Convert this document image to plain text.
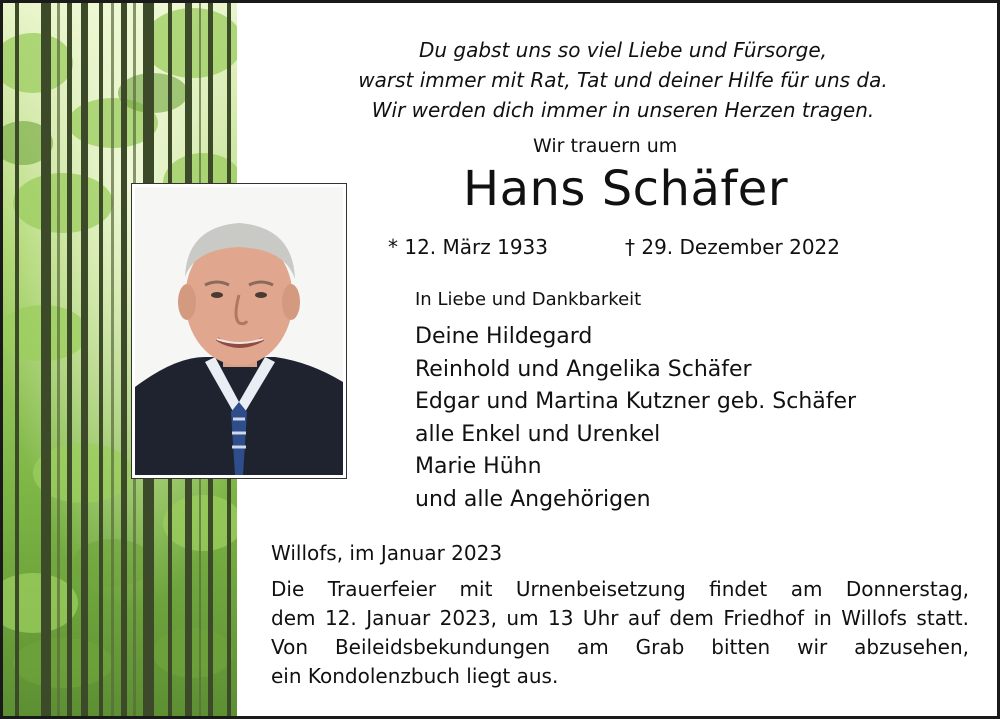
Du gabst uns so viel Liebe und Fürsorge,
warst immer mit Rat, Tat und deiner Hilfe für uns da.
Wir werden dich immer in unseren Herzen tragen.
Wir trauern um
Hans Schäfer
* 12. März 1933	† 29. Dezember 2022
In Liebe und Dankbarkeit
Deine Hildegard
Reinhold und Angelika Schäfer
Edgar und Martina Kutzner geb. Schäfer
alle Enkel und Urenkel
Marie Hühn
und alle Angehörigen
Willofs, im Januar 2023
Die Trauerfeier mit Urnenbeisetzung findet am Donnerstag,
dem 12. Januar 2023, um 13 Uhr auf dem Friedhof in Willofs statt.
Von Beileidsbekundungen am Grab bitten wir abzusehen,
ein Kondolenzbuch liegt aus.
